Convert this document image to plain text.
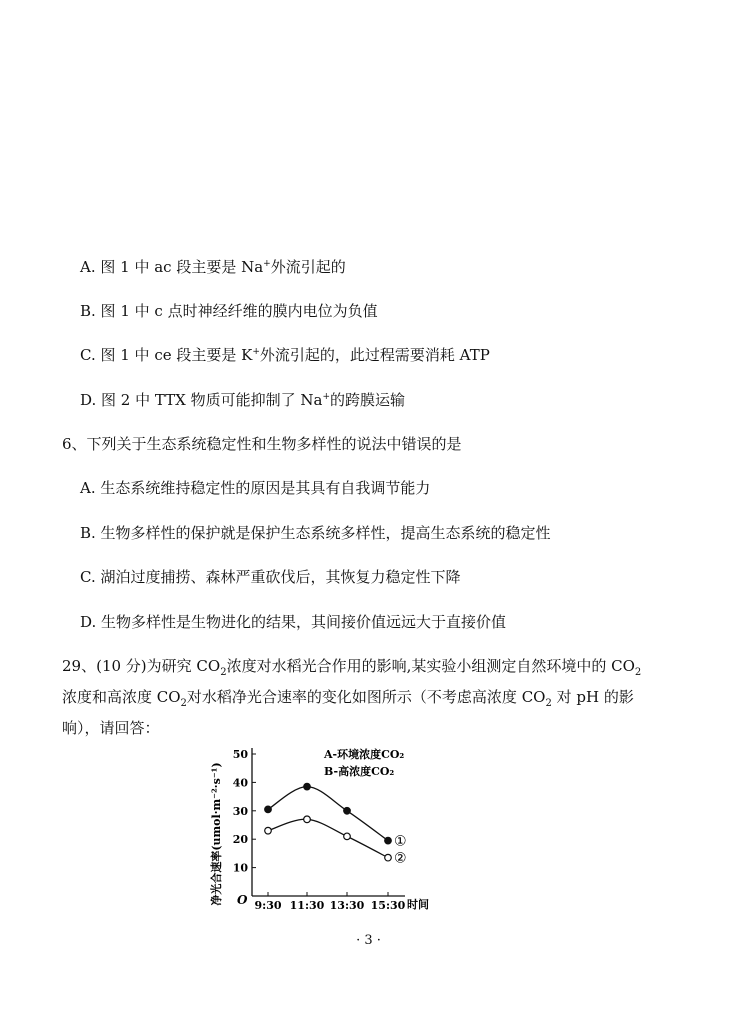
A. 图 1 中 ac 段主要是 Na+外流引起的
B. 图 1 中 c 点时神经纤维的膜内电位为负值
C. 图 1 中 ce 段主要是 K+外流引起的，此过程需要消耗 ATP
D. 图 2 中 TTX 物质可能抑制了 Na+的跨膜运输
6、下列关于生态系统稳定性和生物多样性的说法中错误的是
A. 生态系统维持稳定性的原因是其具有自我调节能力
B. 生物多样性的保护就是保护生态系统多样性，提高生态系统的稳定性
C. 湖泊过度捕捞、森林严重砍伐后，其恢复力稳定性下降
D. 生物多样性是生物进化的结果，其间接价值远远大于直接价值
29、(10 分)为研究 $CO_2$浓度对水稻光合作用的影响,某实验小组测定自然环境中的 $CO_2$
浓度和高浓度 $CO_2$对水稻净光合速率的变化如图所示（不考虑高浓度 $CO_2$ 对 pH 的影
响），请回答：
10
20
30
40
50
9:30 11:30 13:30 15:30
①
②
净光合速率(umol·m⁻²·s⁻¹)	时间
O
A-环境浓度CO₂
B-高浓度CO₂
· 3 ·
